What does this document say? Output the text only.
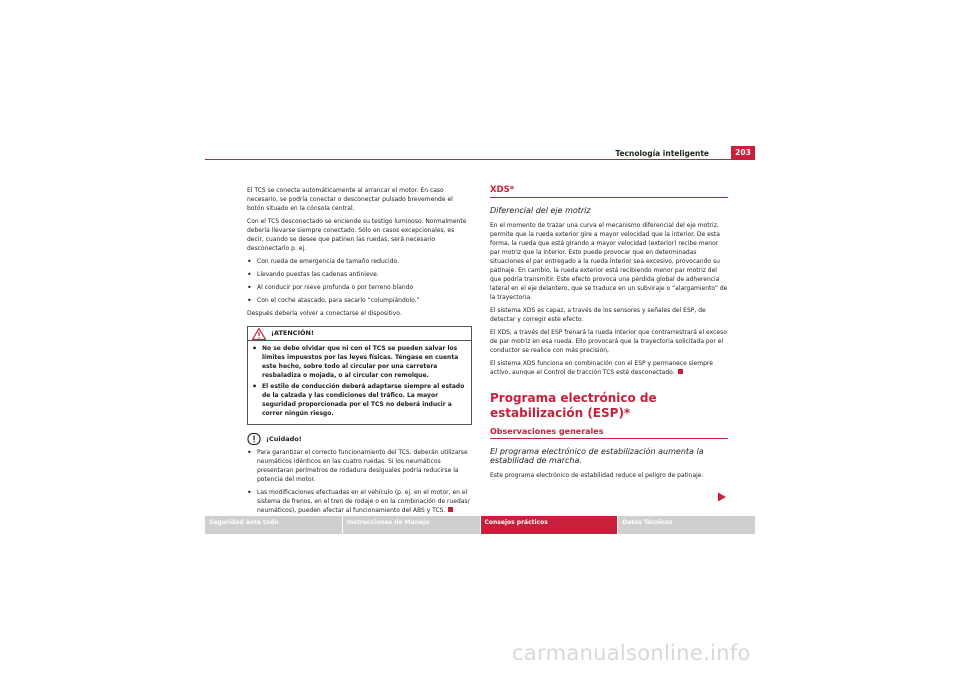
Tecnología inteligente	203

El TCS se conecta automáticamente al arrancar el motor. En caso necesario, se podría conectar o desconectar pulsado brevemende el botón situado en la cónsola central.

Con el TCS desconectado se enciende su testigo luminoso. Normalmente debería llevarse siempre conectado. Sólo en casos excepcionales, es decir, cuando se desee que patinen las ruedas, será necesario desconectarlo p. ej.

• Con rueda de emergencia de tamaño reducido.
• Llevando puestas las cadenas antinieve.
• Al conducir por nieve profunda o por terreno blando
• Con el coche atascado, para sacarlo “columpiándolo.”

Después debería volver a conectarse el dispositivo.

¡ATENCIÓN!
• No se debe olvidar que ni con el TCS se pueden salvar los límites impuestos por las leyes físicas. Téngase en cuenta este hecho, sobre todo al circular por una carretera resbaladiza o mojada, o al circular con remolque.
• El estilo de conducción deberá adaptarse siempre al estado de la calzada y las condiciones del tráfico. La mayor seguridad proporcionada por el TCS no deberá inducir a correr ningún riesgo.
¡Cuidado!
• Para garantizar el correcto funcionamiento del TCS, deberán utilizarse neumáticos idénticos en las cuatro ruedas. Si los neumáticos presentaran perímetros de rodadura desiguales podría reducirse la potencia del motor.
• Las modificaciones efectuadas en el vehículo (p. ej. en el motor, en el sistema de frenos, en el tren de rodaje o en la combinación de ruedas/ neumáticos), pueden afectar al funcionamiento del ABS y TCS.
XDS*
Diferencial del eje motriz

En el momento de trazar una curva el mecanismo diferencial del eje motriz, permite que la rueda exterior gire a mayor velocidad que la interior. De esta forma, la rueda que está girando a mayor velocidad (exterior) recibe menor par motriz que la interior. Esto puede provocar que en determinadas situaciones el par entregado a la rueda interior sea excesivo, provocando su patinaje. En cambio, la rueda exterior está recibiendo menor par motriz del que podría transmitir. Este efecto provoca una pérdida global de adherencia lateral en el eje delantero, que se traduce en un subviraje o “alargamiento” de la trayectoria.

El sistema XDS es capaz, a través de los sensores y señales del ESP, de detectar y corregir este efecto.

El XDS, a través del ESP frenará la rueda interior que contrarrestrará el exceso de par motriz en esa rueda. Ello provocará que la trayectoria solicitada por el conductor se realice con más precisión,

El sistema XDS funciona en combinación con el ESP y permanece siempre activo, aunque el Control de tracción TCS esté desconectado.

Programa electrónico de estabilización (ESP)*
Observaciones generales
El programa electrónico de estabilización aumenta la estabilidad de marcha.

Este programa electrónico de estabilidad reduce el peligro de patinaje.

Seguridad ante todo	Instrucciones de Manejo	Consejos prácticos	Datos Técnicos
carmanualsonline.info
